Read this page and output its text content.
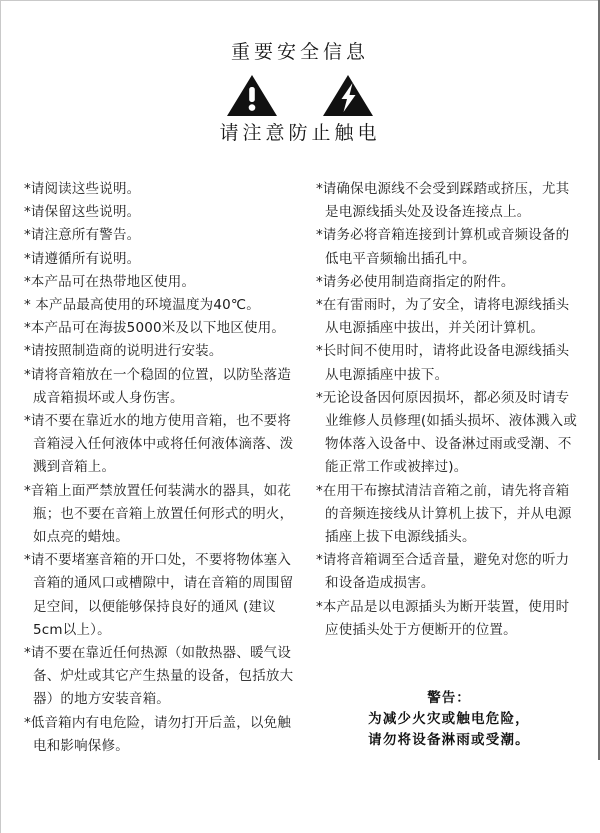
重要安全信息

请注意防止触电

*请阅读这些说明。
*请保留这些说明。
*请注意所有警告。
*请遵循所有说明。
*本产品可在热带地区使用。
* 本产品最高使用的环境温度为40℃。
*本产品可在海拔5000米及以下地区使用。
*请按照制造商的说明进行安装。
*请将音箱放在一个稳固的位置，以防坠落造成音箱损坏或人身伤害。
*请不要在靠近水的地方使用音箱，也不要将音箱浸入任何液体中或将任何液体滴落、泼溅到音箱上。
*音箱上面严禁放置任何装满水的器具，如花瓶；也不要在音箱上放置任何形式的明火，如点亮的蜡烛。
*请不要堵塞音箱的开口处，不要将物体塞入音箱的通风口或槽隙中，请在音箱的周围留足空间，以便能够保持良好的通风 (建议5cm以上）。
*请不要在靠近任何热源（如散热器、暖气设备、炉灶或其它产生热量的设备，包括放大器）的地方安装音箱。
*低音箱内有电危险，请勿打开后盖，以免触电和影响保修。
*请确保电源线不会受到踩踏或挤压，尤其是电源线插头处及设备连接点上。
*请务必将音箱连接到计算机或音频设备的低电平音频输出插孔中。
*请务必使用制造商指定的附件。
*在有雷雨时，为了安全，请将电源线插头从电源插座中拔出，并关闭计算机。
*长时间不使用时，请将此设备电源线插头从电源插座中拔下。
*无论设备因何原因损坏，都必须及时请专业维修人员修理(如插头损坏、液体溅入或物体落入设备中、设备淋过雨或受潮、不能正常工作或被摔过)。
*在用干布擦拭清洁音箱之前，请先将音箱的音频连接线从计算机上拔下，并从电源插座上拔下电源线插头。
*请将音箱调至合适音量，避免对您的听力和设备造成损害。
*本产品是以电源插头为断开装置，使用时应使插头处于方便断开的位置。

警告：

为减少火灾或触电危险，

请勿将设备淋雨或受潮。
